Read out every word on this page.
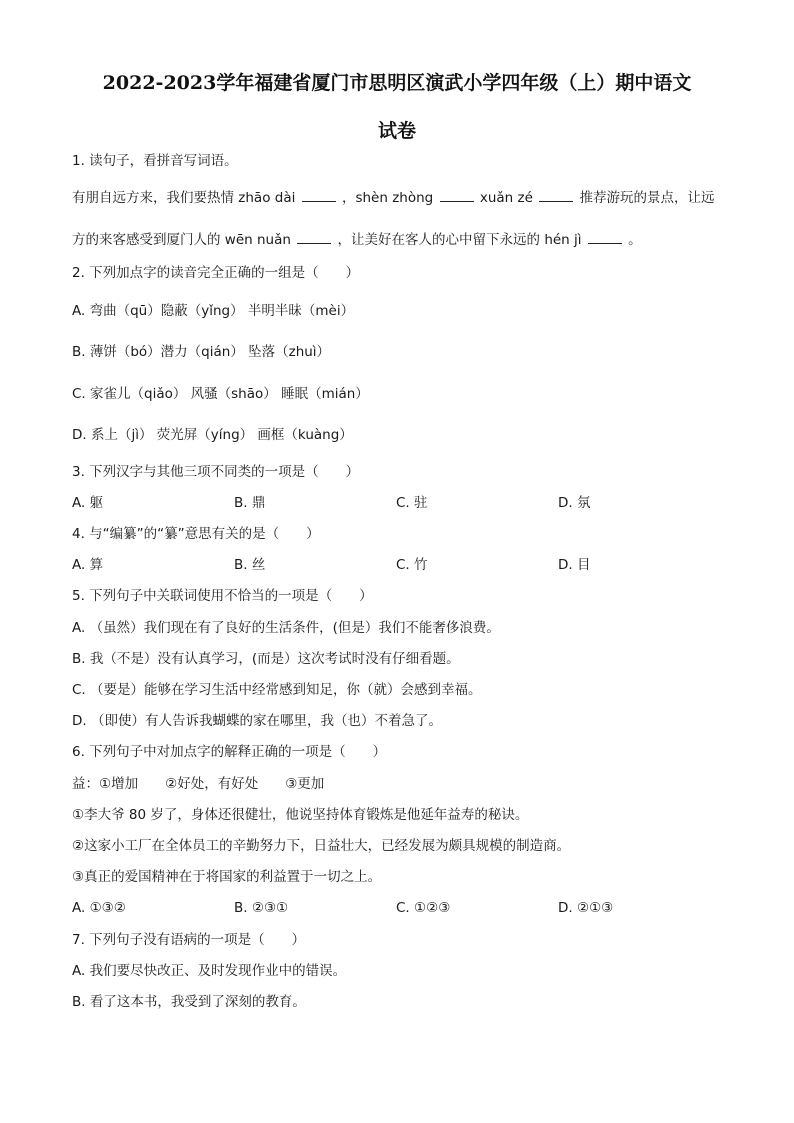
2022-2023学年福建省厦门市思明区演武小学四年级（上）期中语文
试卷
1. 读句子，看拼音写词语。
有朋自远方来，我们要热情 zhāo dài	，shèn zhòng	xuǎn zé	推荐游玩的景点，让远
方的来客感受到厦门人的 wēn nuǎn	，让美好在客人的心中留下永远的 hén jì	。
2. 下列加点字的读音完全正确的一组是（　　）
A. 弯曲（qū）隐蔽（yǐng） 半明半昧（mèi）
B. 薄饼（bó）潜力（qián） 坠落（zhuì）
C. 家雀儿（qiǎo） 风骚（shāo） 睡眠（mián）
D. 系上（jì） 荧光屏（yíng） 画框（kuàng）
3. 下列汉字与其他三项不同类的一项是（　　）
A. 躯	B. 鼎	C. 驻	D. 氛
4. 与“编纂”的“纂”意思有关的是（　　）
A. 算	B. 丝	C. 竹	D. 目
5. 下列句子中关联词使用不恰当的一项是（　　）
A. （虽然）我们现在有了良好的生活条件，(但是）我们不能奢侈浪费。
B. 我（不是）没有认真学习，(而是）这次考试时没有仔细看题。
C. （要是）能够在学习生活中经常感到知足，你（就）会感到幸福。
D. （即使）有人告诉我蝴蝶的家在哪里，我（也）不着急了。
6. 下列句子中对加点字的解释正确的一项是（　　）
益：①增加　　②好处，有好处　　③更加
①李大爷 80 岁了，身体还很健壮，他说坚持体育锻炼是他延年益寿的秘诀。
②这家小工厂在全体员工的辛勤努力下，日益壮大，已经发展为颇具规模的制造商。
③真正的爱国精神在于将国家的利益置于一切之上。
A. ①③②	B. ②③①	C. ①②③	D. ②①③
7. 下列句子没有语病的一项是（　　）
A. 我们要尽快改正、及时发现作业中的错误。
B. 看了这本书，我受到了深刻的教育。
